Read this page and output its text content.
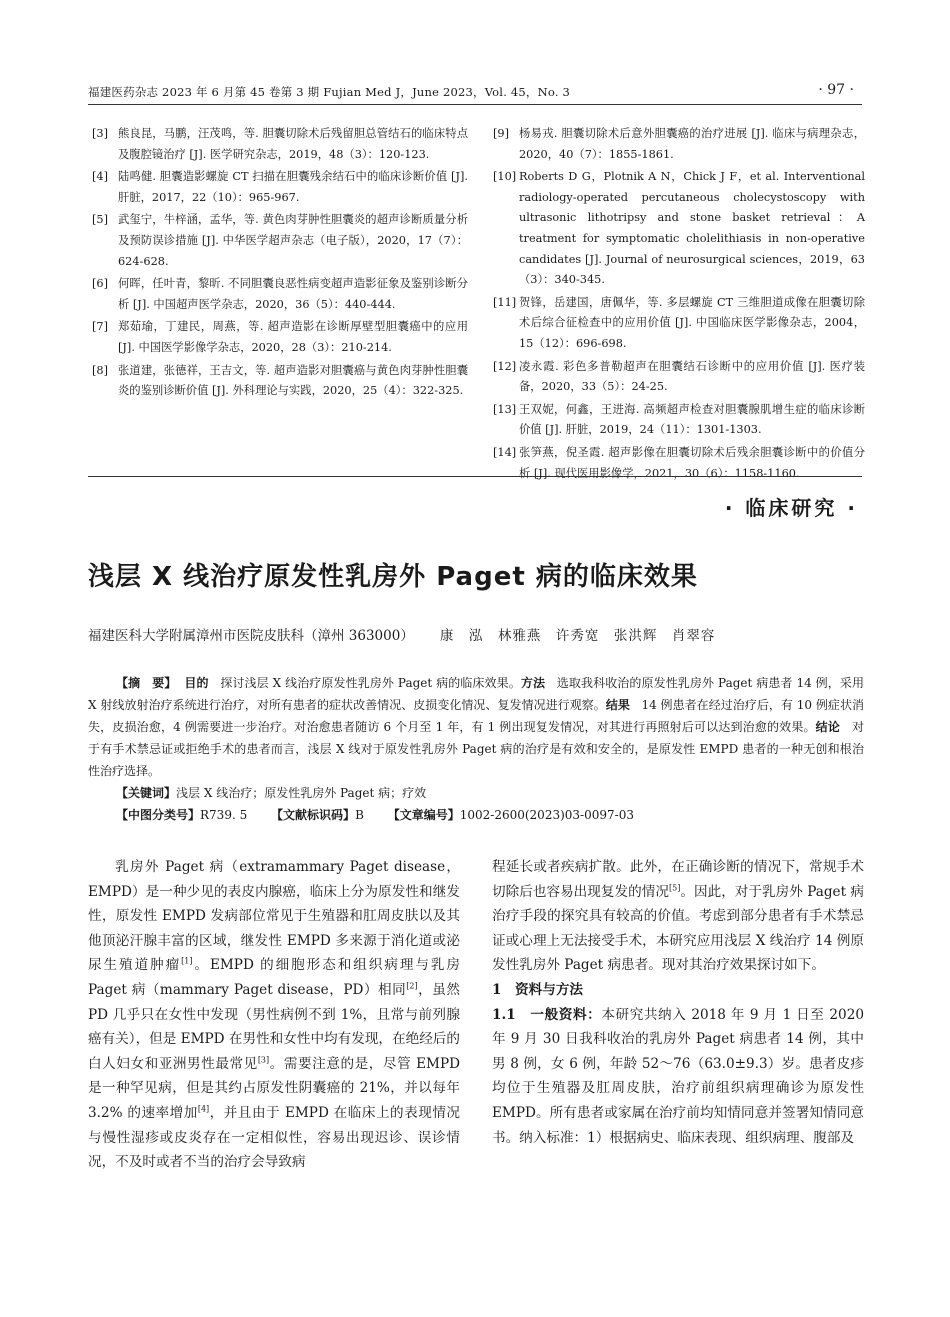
福建医药杂志 2023 年 6 月第 45 卷第 3 期 Fujian Med J，June 2023，Vol. 45，No. 3	· 97 ·
[3] 熊良昆，马鹏，汪茂鸣，等. 胆囊切除术后残留胆总管结石的临床特点及腹腔镜治疗 [J]. 医学研究杂志，2019，48（3）：120-123.
[4] 陆鸣健. 胆囊造影螺旋 CT 扫描在胆囊残余结石中的临床诊断价值 [J]. 肝脏，2017，22（10）：965-967.
[5] 武玺宁，牛梓涵，孟华，等. 黄色肉芽肿性胆囊炎的超声诊断质量分析及预防误诊措施 [J]. 中华医学超声杂志（电子版），2020，17（7）：624-628.
[6] 何晖，任叶青，黎昕. 不同胆囊良恶性病变超声造影征象及鉴别诊断分析 [J]. 中国超声医学杂志，2020，36（5）：440-444.
[7] 郑茹瑜，丁建民，周燕，等. 超声造影在诊断厚壁型胆囊癌中的应用 [J]. 中国医学影像学杂志，2020，28（3）：210-214.
[8] 张道建，张德祥，王吉文，等. 超声造影对胆囊癌与黄色肉芽肿性胆囊炎的鉴别诊断价值 [J]. 外科理论与实践，2020，25（4）：322-325.
[9] 杨易戎. 胆囊切除术后意外胆囊癌的治疗进展 [J]. 临床与病理杂志，2020，40（7）：1855-1861.
[10] Roberts D G，Plotnik A N，Chick J F，et al. Interventional radiology-operated percutaneous cholecystoscopy with ultrasonic lithotripsy and stone basket retrieval：A treatment for symptomatic cholelithiasis in non-operative candidates [J]. Journal of neurosurgical sciences，2019，63（3）：340-345.
[11] 贺锋，岳建国，唐佩华，等. 多层螺旋 CT 三维胆道成像在胆囊切除术后综合征检查中的应用价值 [J]. 中国临床医学影像杂志，2004，15（12）：696-698.
[12] 凌永霞. 彩色多普勒超声在胆囊结石诊断中的应用价值 [J]. 医疗装备，2020，33（5）：24-25.
[13] 王双妮，何鑫，王进海. 高频超声检查对胆囊腺肌增生症的临床诊断价值 [J]. 肝脏，2019，24（11）：1301-1303.
[14] 张笋燕，倪圣霞. 超声影像在胆囊切除术后残余胆囊诊断中的价值分析 [J]. 现代医用影像学，2021，30（6）：1158-1160.
· 临床研究 ·
浅层 X 线治疗原发性乳房外 Paget 病的临床效果
福建医科大学附属漳州市医院皮肤科（漳州 363000） 康　泓　林雅燕　许秀宽　张洪辉　肖翠容
【摘　要】 目的 探讨浅层 X 线治疗原发性乳房外 Paget 病的临床效果。方法 选取我科收治的原发性乳房外 Paget 病患者 14 例，采用 X 射线放射治疗系统进行治疗，对所有患者的症状改善情况、皮损变化情况、复发情况进行观察。结果 14 例患者在经过治疗后，有 10 例症状消失，皮损治愈，4 例需要进一步治疗。对治愈患者随访 6 个月至 1 年，有 1 例出现复发情况，对其进行再照射后可以达到治愈的效果。结论 对于有手术禁忌证或拒绝手术的患者而言，浅层 X 线对于原发性乳房外 Paget 病的治疗是有效和安全的，是原发性 EMPD 患者的一种无创和根治性治疗选择。
【关键词】浅层 X 线治疗；原发性乳房外 Paget 病；疗效
【中图分类号】R739. 5 【文献标识码】B 【文章编号】1002-2600(2023)03-0097-03

乳房外 Paget 病（extramammary Paget disease，EMPD）是一种少见的表皮内腺癌，临床上分为原发性和继发性，原发性 EMPD 发病部位常见于生殖器和肛周皮肤以及其他顶泌汗腺丰富的区域，继发性 EMPD 多来源于消化道或泌尿生殖道肿瘤[1]。EMPD 的细胞形态和组织病理与乳房 Paget 病（mammary Paget disease，PD）相同[2]，虽然 PD 几乎只在女性中发现（男性病例不到 1%，且常与前列腺癌有关），但是 EMPD 在男性和女性中均有发现，在绝经后的白人妇女和亚洲男性最常见[3]。需要注意的是，尽管 EMPD 是一种罕见病，但是其约占原发性阴囊癌的 21%，并以每年 3.2% 的速率增加[4]，并且由于 EMPD 在临床上的表现情况与慢性湿疹或皮炎存在一定相似性，容易出现迟诊、误诊情况，不及时或者不当的治疗会导致病

程延长或者疾病扩散。此外，在正确诊断的情况下，常规手术切除后也容易出现复发的情况[5]。因此，对于乳房外 Paget 病治疗手段的探究具有较高的价值。考虑到部分患者有手术禁忌证或心理上无法接受手术，本研究应用浅层 X 线治疗 14 例原发性乳房外 Paget 病患者。现对其治疗效果探讨如下。

1　资料与方法

1.1　一般资料：本研究共纳入 2018 年 9 月 1 日至 2020 年 9 月 30 日我科收治的乳房外 Paget 病患者 14 例，其中男 8 例，女 6 例，年龄 52～76（63.0±9.3）岁。患者皮疹均位于生殖器及肛周皮肤，治疗前组织病理确诊为原发性 EMPD。所有患者或家属在治疗前均知情同意并签署知情同意书。纳入标准：1）根据病史、临床表现、组织病理、腹部及
